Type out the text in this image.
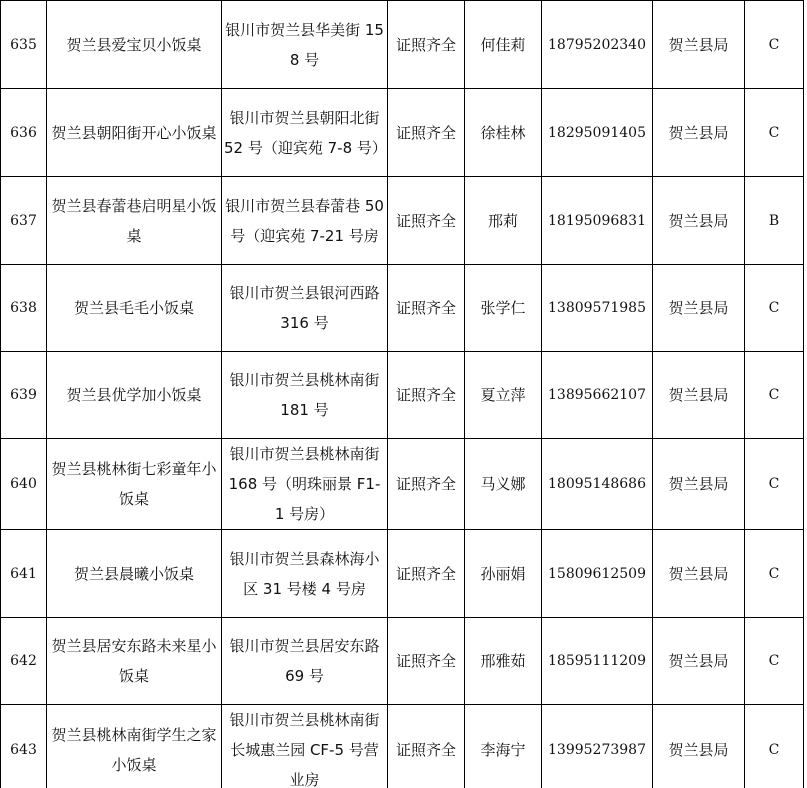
635	贺兰县爱宝贝小饭桌	银川市贺兰县华美街 158 号	证照齐全	何佳莉	18795202340	贺兰县局	C
636	贺兰县朝阳街开心小饭桌	银川市贺兰县朝阳北街 52 号（迎宾苑 7-8 号）	证照齐全	徐桂林	18295091405	贺兰县局	C
637	贺兰县春蕾巷启明星小饭桌	银川市贺兰县春蕾巷 50 号（迎宾苑 7-21 号房	证照齐全	邢莉	18195096831	贺兰县局	B
638	贺兰县毛毛小饭桌	银川市贺兰县银河西路 316 号	证照齐全	张学仁	13809571985	贺兰县局	C
639	贺兰县优学加小饭桌	银川市贺兰县桃林南街 181 号	证照齐全	夏立萍	13895662107	贺兰县局	C
640	贺兰县桃林街七彩童年小饭桌	银川市贺兰县桃林南街 168 号（明珠丽景 F1-1 号房）	证照齐全	马义娜	18095148686	贺兰县局	C
641	贺兰县晨曦小饭桌	银川市贺兰县森林海小区 31 号楼 4 号房	证照齐全	孙丽娟	15809612509	贺兰县局	C
642	贺兰县居安东路未来星小饭桌	银川市贺兰县居安东路 69 号	证照齐全	邢雅茹	18595111209	贺兰县局	C
643	贺兰县桃林南街学生之家小饭桌	银川市贺兰县桃林南街长城惠兰园 CF-5 号营业房	证照齐全	李海宁	13995273987	贺兰县局	C
